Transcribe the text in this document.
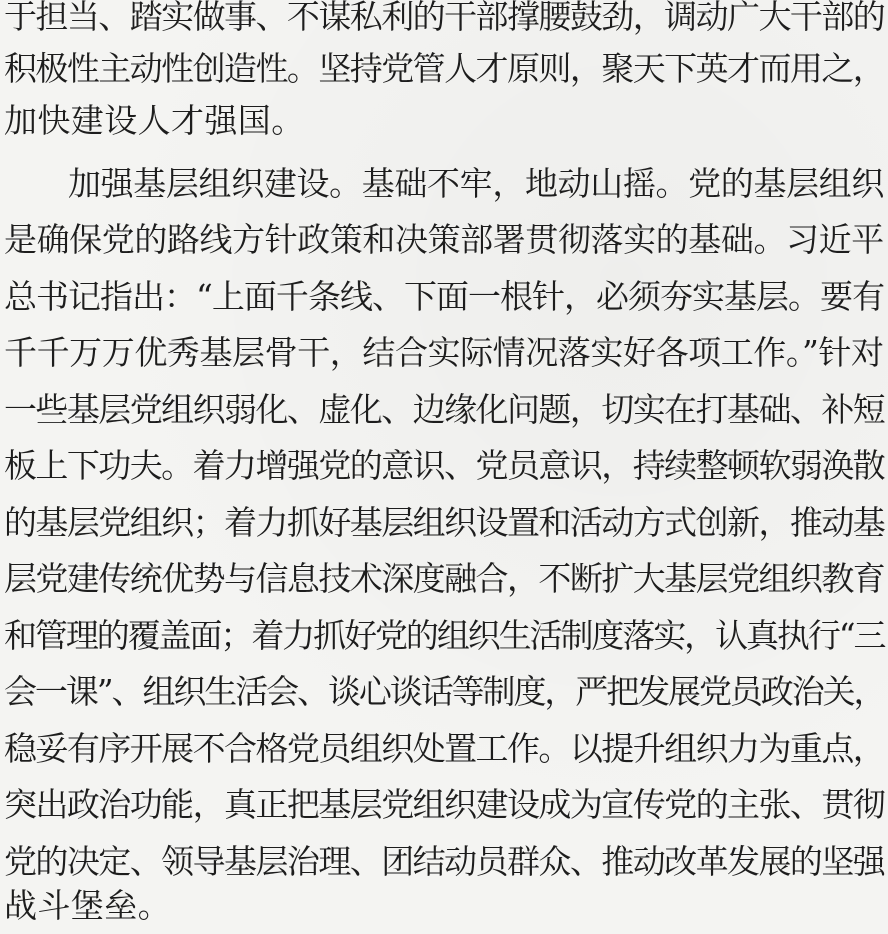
于担当、踏实做事、不谋私利的干部撑腰鼓劲，调动广大干部的
积极性主动性创造性。坚持党管人才原则，聚天下英才而用之，
加快建设人才强国。
加强基层组织建设。基础不牢，地动山摇。党的基层组织
是确保党的路线方针政策和决策部署贯彻落实的基础。习近平
总书记指出：“上面千条线、下面一根针，必须夯实基层。要有
千千万万优秀基层骨干，结合实际情况落实好各项工作。”针对
一些基层党组织弱化、虚化、边缘化问题，切实在打基础、补短
板上下功夫。着力增强党的意识、党员意识，持续整顿软弱涣散
的基层党组织；着力抓好基层组织设置和活动方式创新，推动基
层党建传统优势与信息技术深度融合，不断扩大基层党组织教育
和管理的覆盖面；着力抓好党的组织生活制度落实，认真执行“三
会一课”、组织生活会、谈心谈话等制度，严把发展党员政治关，
稳妥有序开展不合格党员组织处置工作。以提升组织力为重点，
突出政治功能，真正把基层党组织建设成为宣传党的主张、贯彻
党的决定、领导基层治理、团结动员群众、推动改革发展的坚强
战斗堡垒。
